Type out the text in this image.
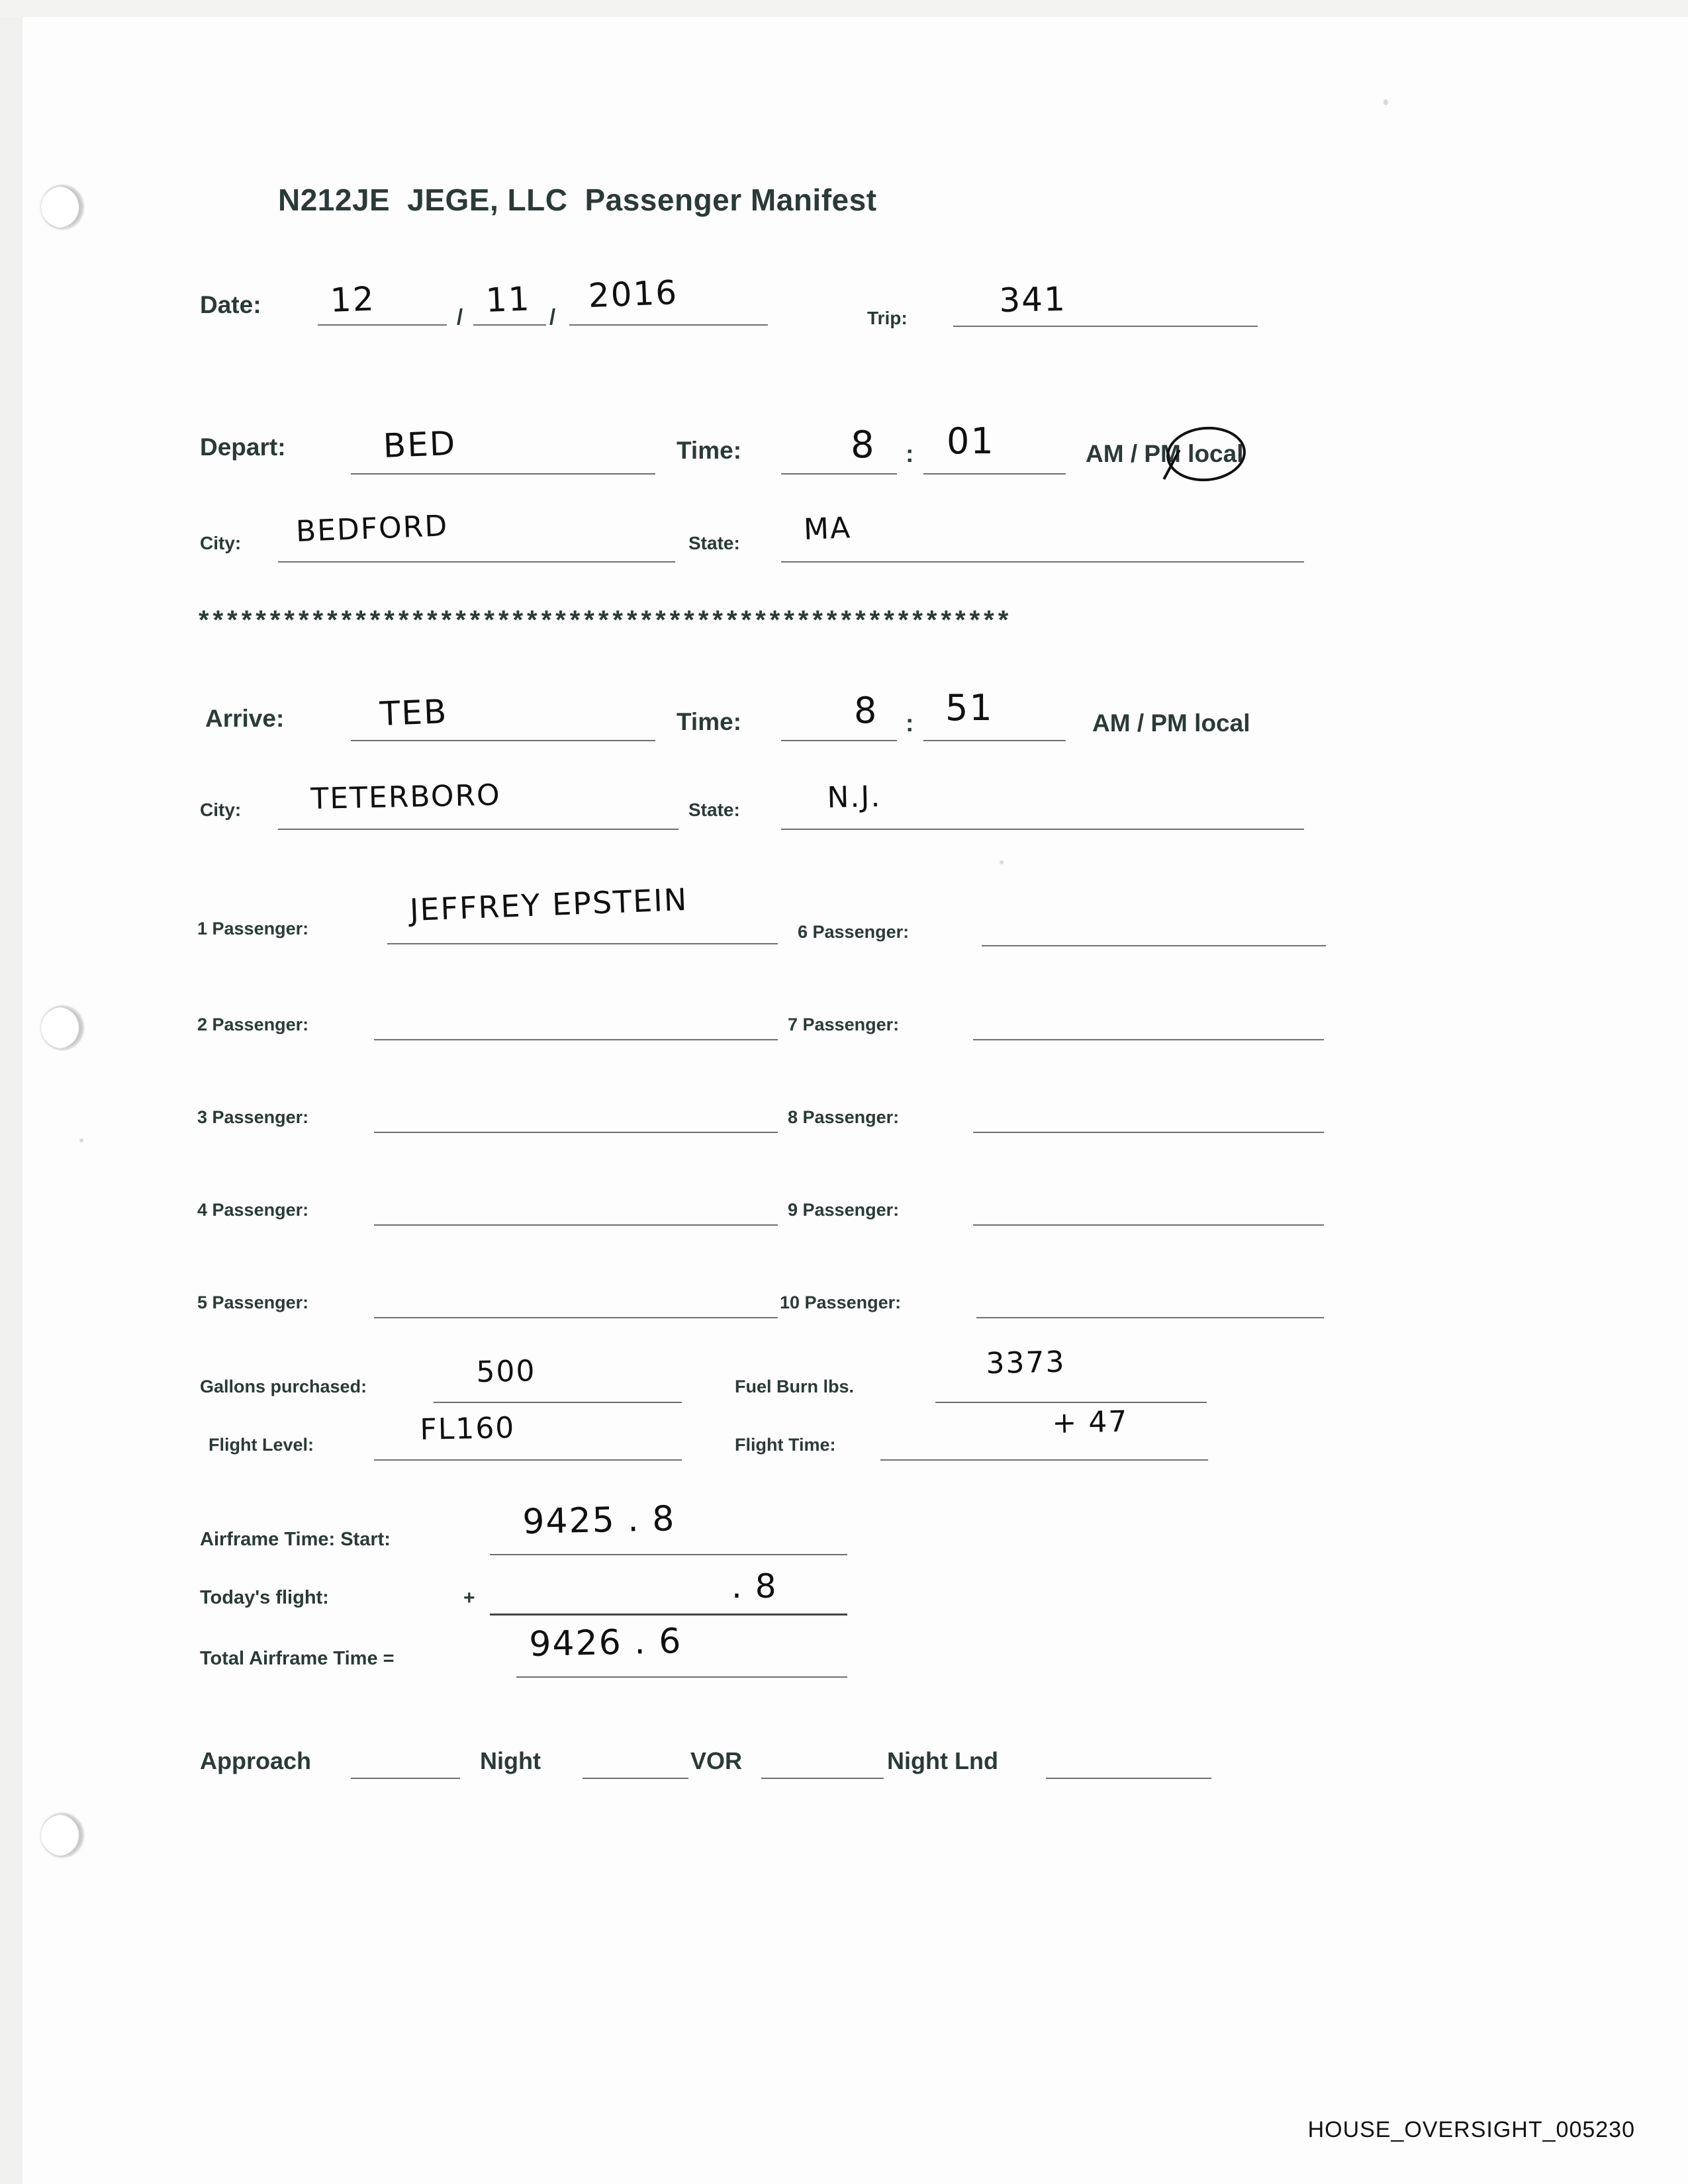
N212JE JEGE, LLC Passenger Manifest
Date: 12	/ 11 /
2016
Trip:	341
Depart:	BED	Time:	8 : 01	AM / PM local
City: BEDFORD	State: MA
*********************************************************
Arrive:	TEB	Time:	8 : 51	AM / PM local
City: TETERBORO	State:	N.J.
1 Passenger:
JEFFREY EPSTEIN
2 Passenger:
3 Passenger:
4 Passenger:
5 Passenger:
6 Passenger:
7 Passenger:
8 Passenger:
9 Passenger:
10 Passenger:
Gallons purchased:	500	Fuel Burn lbs.
3373
Flight Level:	FL160	Flight Time:
+ 47
Airframe Time: Start:	9425 . 8
Today's flight:	+	. 8
Total Airframe Time =	9426 . 6
Approach	Night	VOR	Night Lnd
HOUSE_OVERSIGHT_005230
